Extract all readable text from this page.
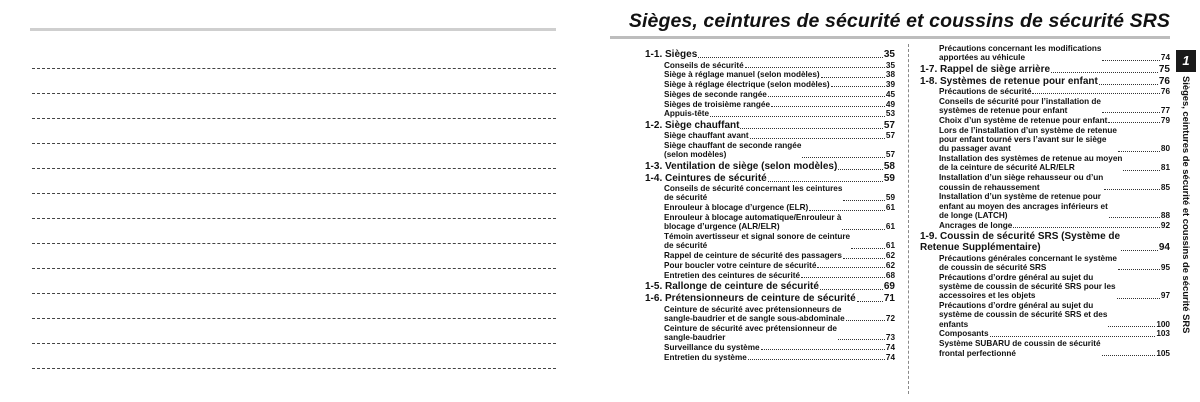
Sièges, ceintures de sécurité et coussins de sécurité SRS
1-1. Sièges	35
Conseils de sécurité	35
Siège à réglage manuel (selon modèles)	38
Siège à réglage électrique (selon modèles)	39
Sièges de seconde rangée	45
Sièges de troisième rangée	49
Appuis-tête	53
1-2. Siège chauffant	57
Siège chauffant avant	57
Siège chauffant de seconde rangée
(selon modèles)	57
1-3. Ventilation de siège (selon modèles)	58
1-4. Ceintures de sécurité	59
Conseils de sécurité concernant les ceintures
de sécurité	59
Enrouleur à blocage d’urgence (ELR)	61
Enrouleur à blocage automatique/Enrouleur à
blocage d’urgence (ALR/ELR)	61
Témoin avertisseur et signal sonore de ceinture
de sécurité	61
Rappel de ceinture de sécurité des passagers	62
Pour boucler votre ceinture de sécurité	62
Entretien des ceintures de sécurité	68
1-5. Rallonge de ceinture de sécurité	69
1-6. Prétensionneurs de ceinture de sécurité	71
Ceinture de sécurité avec prétensionneurs de
sangle-baudrier et de sangle sous-abdominale	72
Ceinture de sécurité avec prétensionneur de
sangle-baudrier	73
Surveillance du système	74
Entretien du système	74
Précautions concernant les modifications
apportées au véhicule	74
1-7. Rappel de siège arrière	75
1-8. Systèmes de retenue pour enfant	76
Précautions de sécurité	76
Conseils de sécurité pour l’installation de
systèmes de retenue pour enfant	77
Choix d’un système de retenue pour enfant	79
Lors de l’installation d’un système de retenue
pour enfant tourné vers l’avant sur le siège
du passager avant	80
Installation des systèmes de retenue au moyen
de la ceinture de sécurité ALR/ELR	81
Installation d’un siège rehausseur ou d’un
coussin de rehaussement	85
Installation d’un système de retenue pour
enfant au moyen des ancrages inférieurs et
de longe (LATCH)	88
Ancrages de longe	92
1-9. Coussin de sécurité SRS (Système de
Retenue Supplémentaire)	94
Précautions générales concernant le système
de coussin de sécurité SRS	95
Précautions d’ordre général au sujet du
système de coussin de sécurité SRS pour les
accessoires et les objets	97
Précautions d’ordre général au sujet du
système de coussin de sécurité SRS et des
enfants	100
Composants	103
Système SUBARU de coussin de sécurité
frontal perfectionné	105
1
Sièges, ceintures de sécurité et coussins de sécurité SRS
